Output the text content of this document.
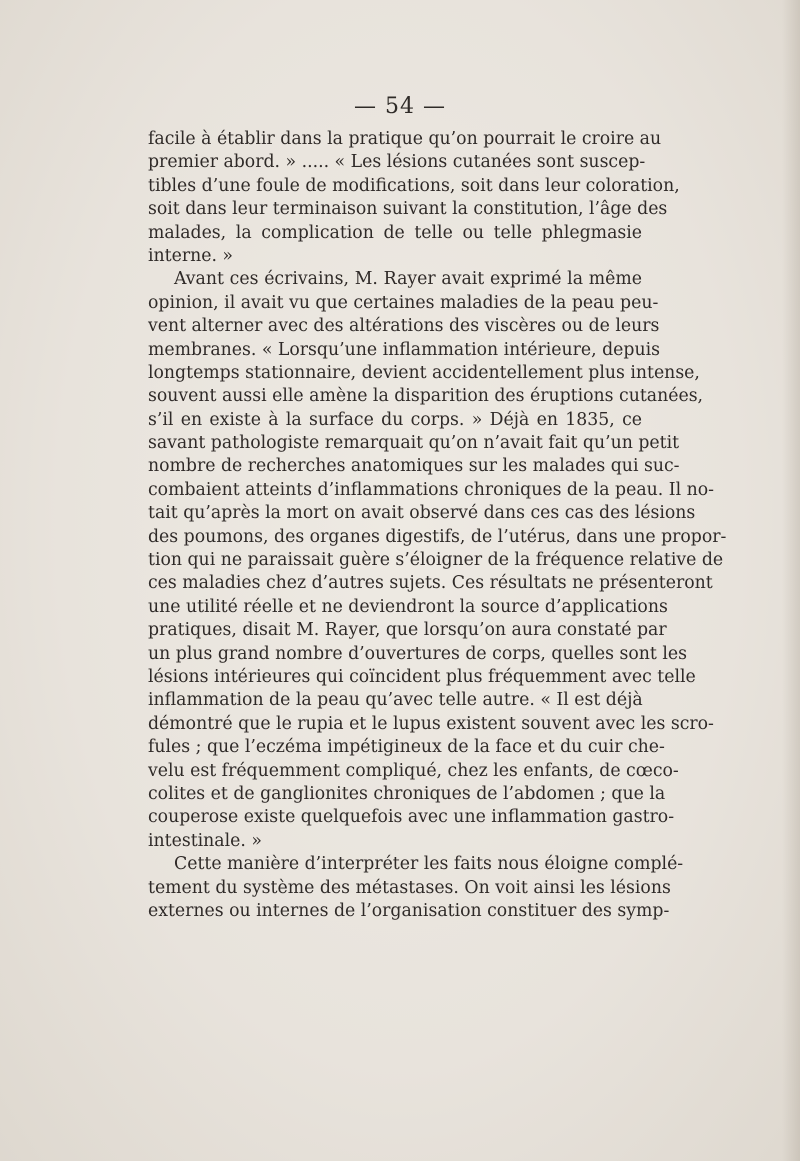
— 54 —
facile à établir dans la pratique qu’on pourrait le croire au
premier abord. » ..... « Les lésions cutanées sont suscep-
tibles d’une foule de modifications, soit dans leur coloration,
soit dans leur terminaison suivant la constitution, l’âge des
malades, la complication de telle ou telle phlegmasie
interne. »
Avant ces écrivains, M. Rayer avait exprimé la même
opinion, il avait vu que certaines maladies de la peau peu-
vent alterner avec des altérations des viscères ou de leurs
membranes. « Lorsqu’une inflammation intérieure, depuis
longtemps stationnaire, devient accidentellement plus intense,
souvent aussi elle amène la disparition des éruptions cutanées,
s’il en existe à la surface du corps. » Déjà en 1835, ce
savant pathologiste remarquait qu’on n’avait fait qu’un petit
nombre de recherches anatomiques sur les malades qui suc-
combaient atteints d’inflammations chroniques de la peau. Il no-
tait qu’après la mort on avait observé dans ces cas des lésions
des poumons, des organes digestifs, de l’utérus, dans une propor-
tion qui ne paraissait guère s’éloigner de la fréquence relative de
ces maladies chez d’autres sujets. Ces résultats ne présenteront
une utilité réelle et ne deviendront la source d’applications
pratiques, disait M. Rayer, que lorsqu’on aura constaté par
un plus grand nombre d’ouvertures de corps, quelles sont les
lésions intérieures qui coïncident plus fréquemment avec telle
inflammation de la peau qu’avec telle autre. « Il est déjà
démontré que le rupia et le lupus existent souvent avec les scro-
fules ; que l’eczéma impétigineux de la face et du cuir che-
velu est fréquemment compliqué, chez les enfants, de cœco-
colites et de ganglionites chroniques de l’abdomen ; que la
couperose existe quelquefois avec une inflammation gastro-
intestinale. »
Cette manière d’interpréter les faits nous éloigne complé-
tement du système des métastases. On voit ainsi les lésions
externes ou internes de l’organisation constituer des symp-
